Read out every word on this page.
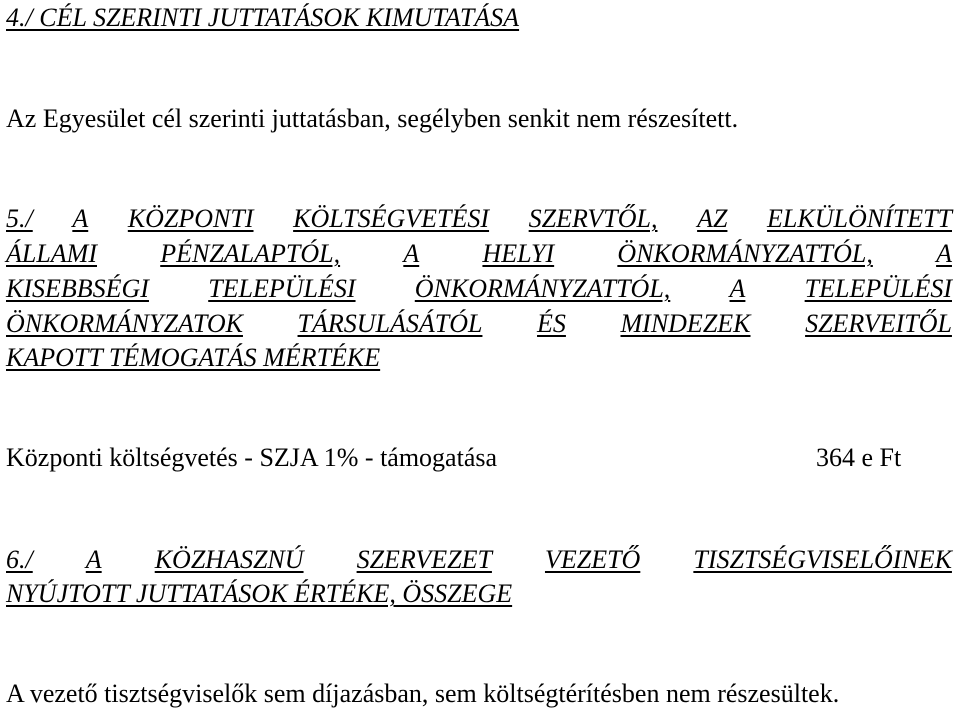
4./ CÉL SZERINTI JUTTATÁSOK KIMUTATÁSA

Az Egyesület cél szerinti juttatásban, segélyben senkit nem részesített.

5./ A KÖZPONTI KÖLTSÉGVETÉSI SZERVTŐL, AZ ELKÜLÖNÍTETT

ÁLLAMI PÉNZALAPTÓL, A HELYI ÖNKORMÁNYZATTÓL, A

KISEBBSÉGI TELEPÜLÉSI ÖNKORMÁNYZATTÓL, A TELEPÜLÉSI

ÖNKORMÁNYZATOK TÁRSULÁSÁTÓL ÉS MINDEZEK SZERVEITŐL

KAPOTT TÉMOGATÁS MÉRTÉKE

Központi költségvetés - SZJA 1% - támogatása	364 e Ft

6./ A KÖZHASZNÚ SZERVEZET VEZETŐ TISZTSÉGVISELŐINEK

NYÚJTOTT JUTTATÁSOK ÉRTÉKE, ÖSSZEGE

A vezető tisztségviselők sem díjazásban, sem költségtérítésben nem részesültek.
